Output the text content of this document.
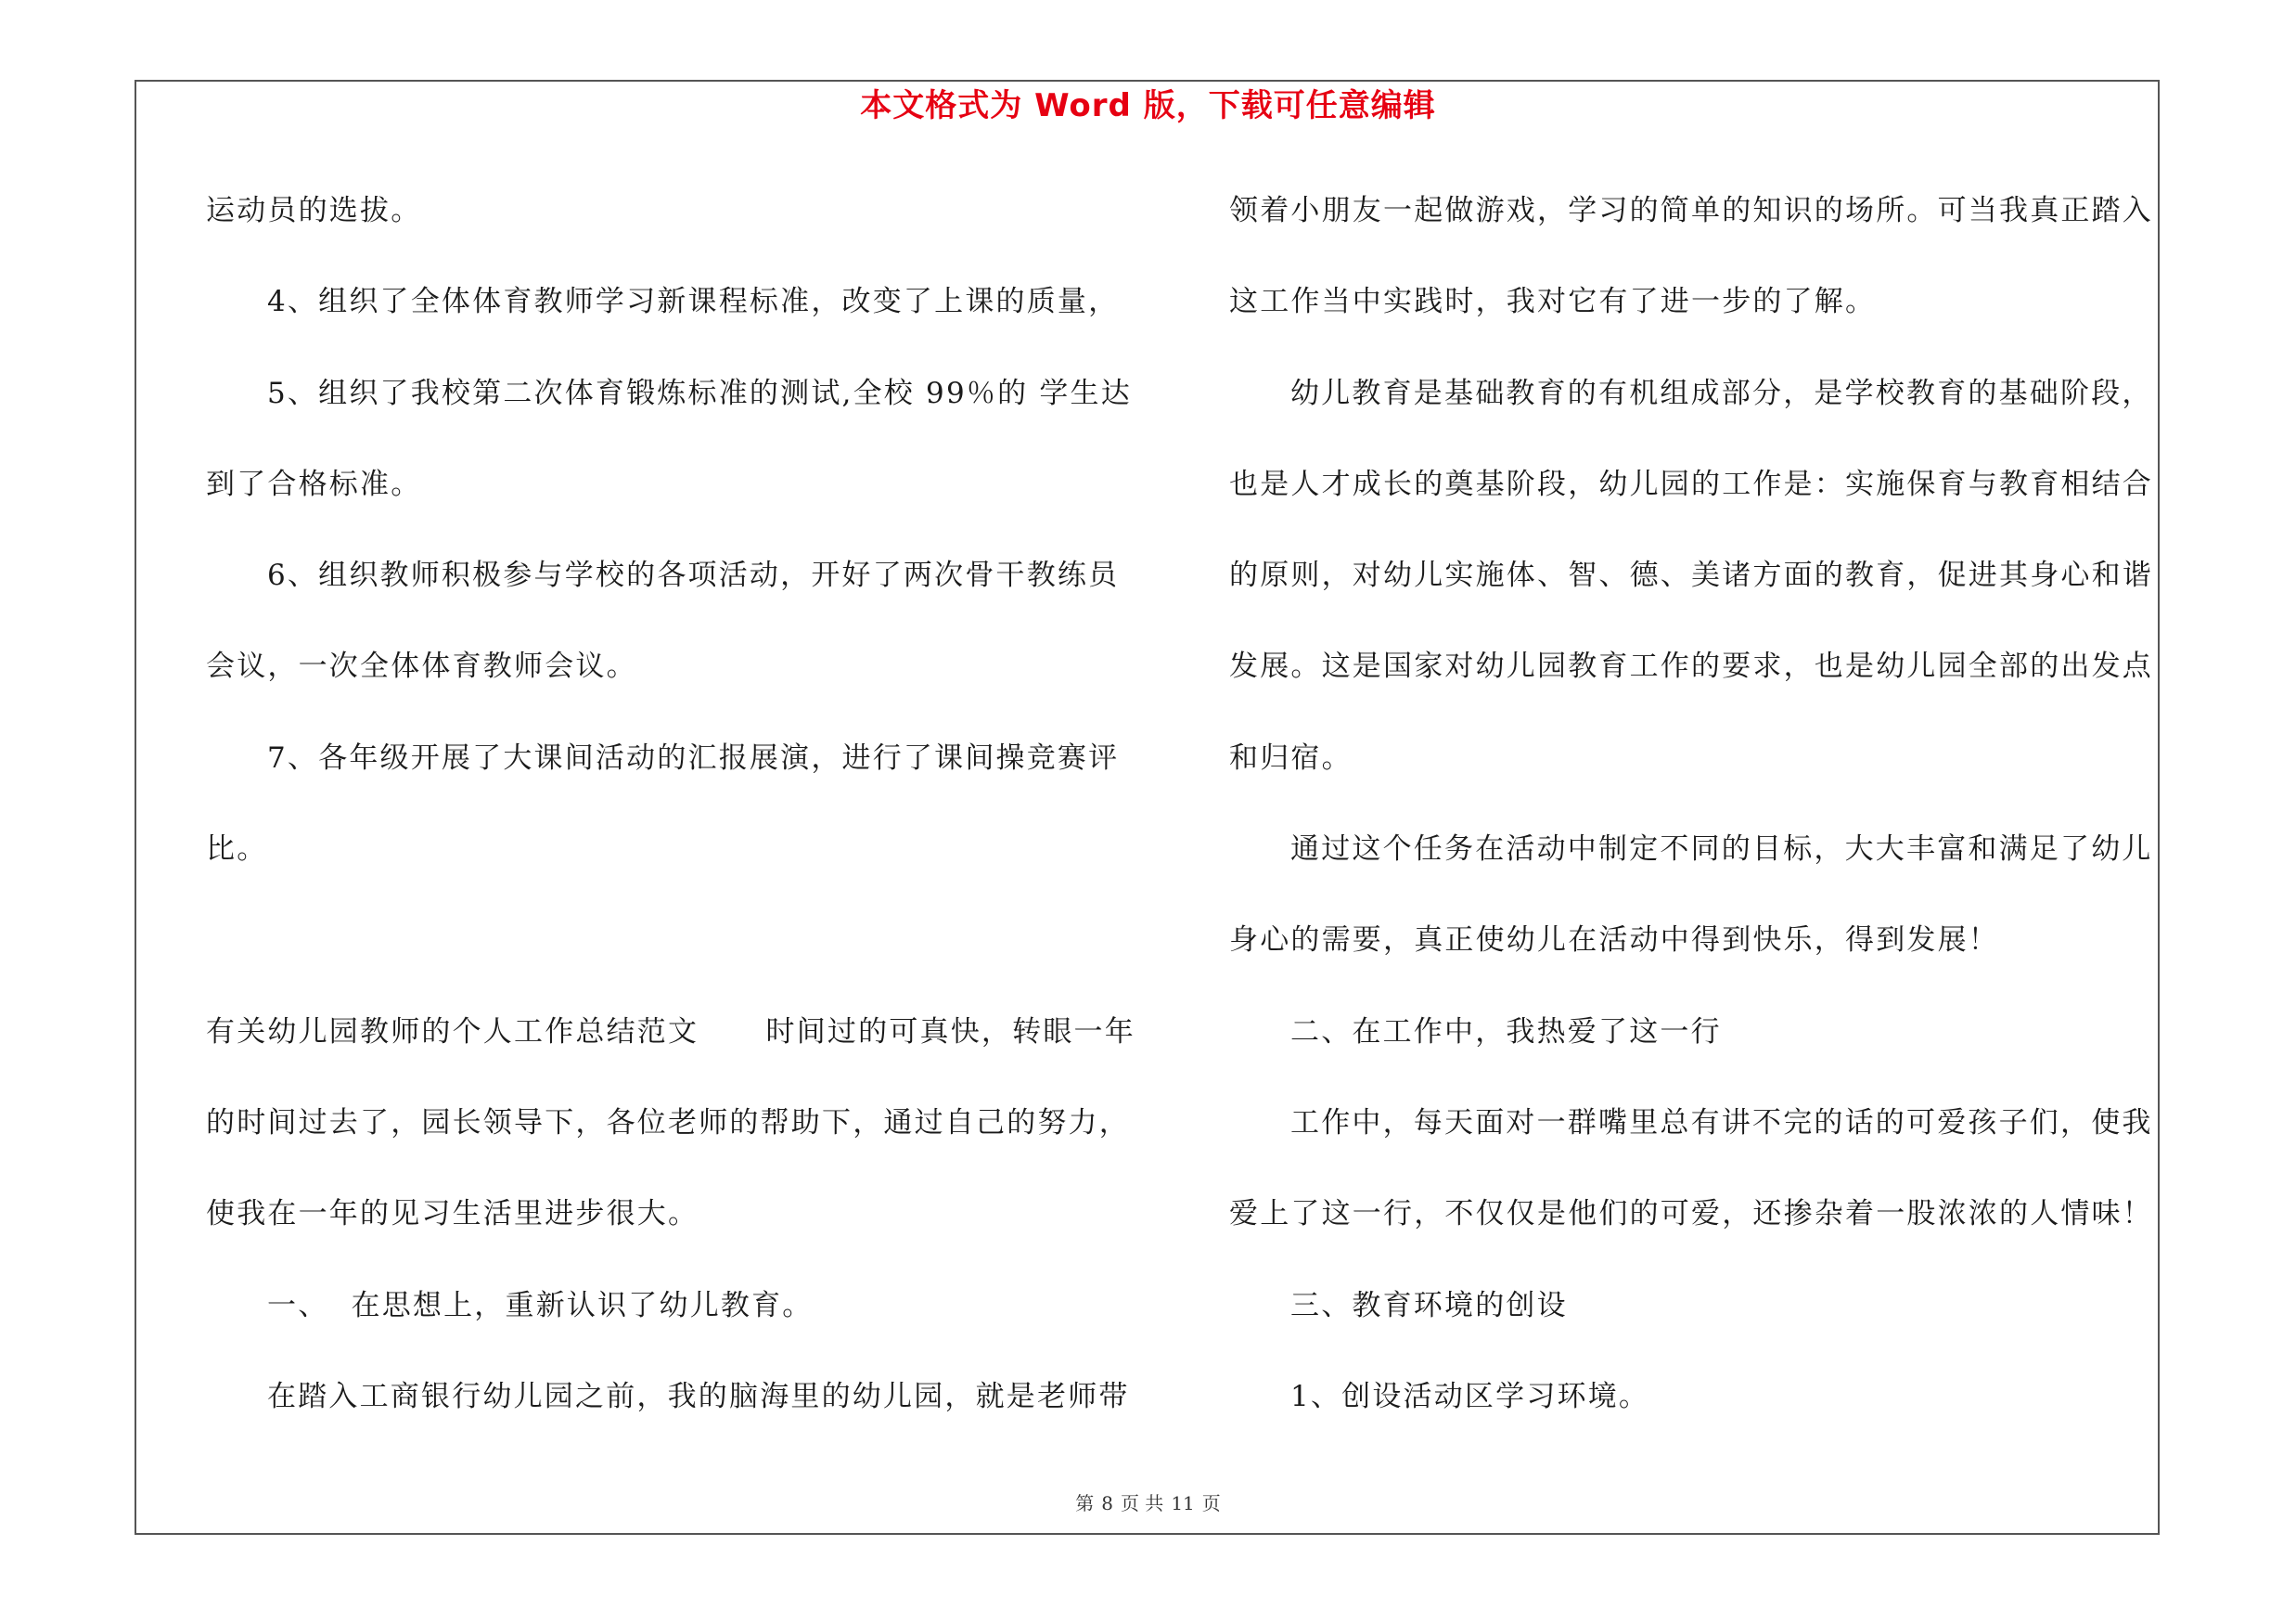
本文格式为 Word 版，下载可任意编辑
运动员的选拔。
4、组织了全体体育教师学习新课程标准，改变了上课的质量，
5、组织了我校第二次体育锻炼标准的测试,全校 99％的 学生达
到了合格标准。
6、组织教师积极参与学校的各项活动，开好了两次骨干教练员
会议，一次全体体育教师会议。
7、各年级开展了大课间活动的汇报展演，进行了课间操竞赛评
比。
有关幼儿园教师的个人工作总结范文      时间过的可真快，转眼一年
的时间过去了，园长领导下，各位老师的帮助下，通过自己的努力，
使我在一年的见习生活里进步很大。
一、  在思想上，重新认识了幼儿教育。
在踏入工商银行幼儿园之前，我的脑海里的幼儿园，就是老师带
领着小朋友一起做游戏，学习的简单的知识的场所。可当我真正踏入
这工作当中实践时，我对它有了进一步的了解。
幼儿教育是基础教育的有机组成部分，是学校教育的基础阶段，
也是人才成长的奠基阶段，幼儿园的工作是：实施保育与教育相结合
的原则，对幼儿实施体、智、德、美诸方面的教育，促进其身心和谐
发展。这是国家对幼儿园教育工作的要求，也是幼儿园全部的出发点
和归宿。
通过这个任务在活动中制定不同的目标，大大丰富和满足了幼儿
身心的需要，真正使幼儿在活动中得到快乐，得到发展！
二、在工作中，我热爱了这一行
工作中，每天面对一群嘴里总有讲不完的话的可爱孩子们，使我
爱上了这一行，不仅仅是他们的可爱，还掺杂着一股浓浓的人情味！
三、教育环境的创设
1、创设活动区学习环境。
第 8 页 共 11 页
